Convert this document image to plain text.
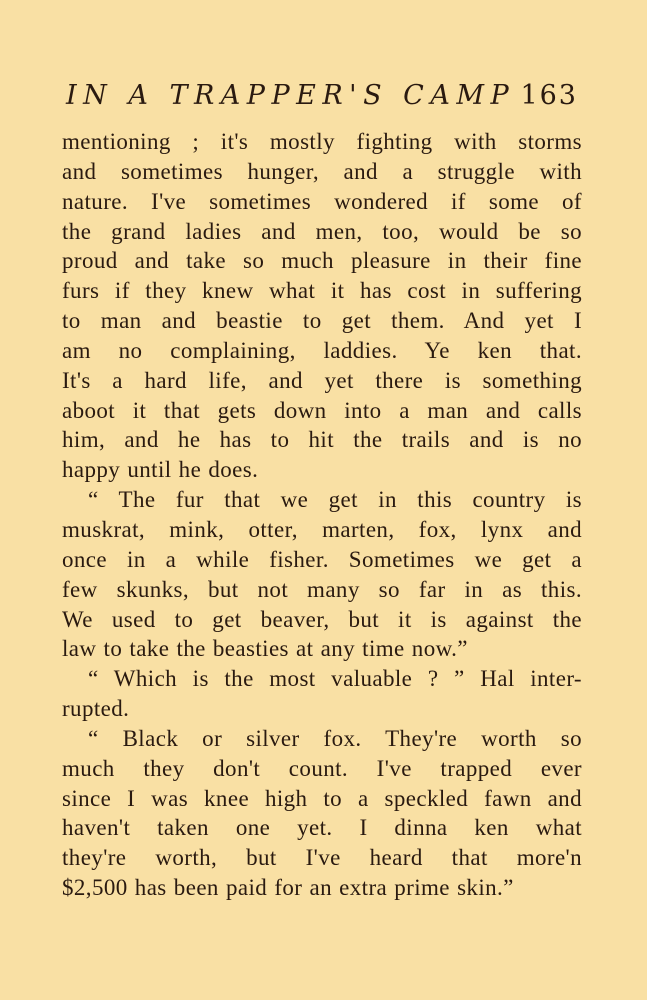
IN A TRAPPER'S CAMP 163
mentioning ; it's mostly fighting with storms
and sometimes hunger, and a struggle with
nature. I've sometimes wondered if some of
the grand ladies and men, too, would be so
proud and take so much pleasure in their fine
furs if they knew what it has cost in suffering
to man and beastie to get them. And yet I
am no complaining, laddies. Ye ken that.
It's a hard life, and yet there is something
aboot it that gets down into a man and calls
him, and he has to hit the trails and is no
happy until he does.
“ The fur that we get in this country is
muskrat, mink, otter, marten, fox, lynx and
once in a while fisher. Sometimes we get a
few skunks, but not many so far in as this.
We used to get beaver, but it is against the
law to take the beasties at any time now.”
“ Which is the most valuable ? ” Hal inter-
rupted.
“ Black or silver fox. They're worth so
much they don't count. I've trapped ever
since I was knee high to a speckled fawn and
haven't taken one yet. I dinna ken what
they're worth, but I've heard that more'n
$2,500 has been paid for an extra prime skin.”
